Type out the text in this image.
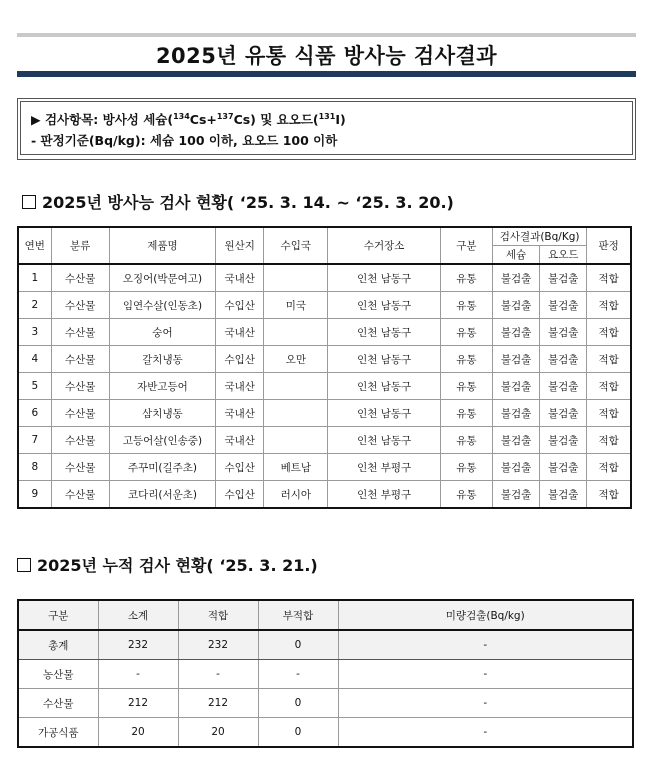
2025년 유통 식품 방사능 검사결과
▶ 검사항목: 방사성 세슘($^{134}$Cs+$^{137}$Cs) 및 요오드($^{131}$I)
- 판정기준(Bq/kg): 세슘 100 이하, 요오드 100 이하
2025년 방사능 검사 현황( ‘25. 3. 14. ~ ‘25. 3. 20.)
연번	분류	제품명	원산지	수입국	수거장소	구분	검사결과(Bq/Kg)		판정
							세슘	요오드	
1	수산물	오징어(박문여고)	국내산		인천 남동구	유통	불검출	불검출	적합
2	수산물	임연수살(인동초)	수입산	미국	인천 남동구	유통	불검출	불검출	적합
3	수산물	숭어	국내산		인천 남동구	유통	불검출	불검출	적합
4	수산물	갈치냉동	수입산	오만	인천 남동구	유통	불검출	불검출	적합
5	수산물	자반고등어	국내산		인천 남동구	유통	불검출	불검출	적합
6	수산물	삼치냉동	국내산		인천 남동구	유통	불검출	불검출	적합
7	수산물	고등어살(인송중)	국내산		인천 남동구	유통	불검출	불검출	적합
8	수산물	주꾸미(길주초)	수입산	베트남	인천 부평구	유통	불검출	불검출	적합
9	수산물	코다리(서운초)	수입산	러시아	인천 부평구	유통	불검출	불검출	적합
2025년 누적 검사 현황( ‘25. 3. 21.)
구분	소계	적합	부적합	미량검출(Bq/kg)
총계	232	232	0	-
농산물	-	-	-	-
수산물	212	212	0	-
가공식품	20	20	0	-
